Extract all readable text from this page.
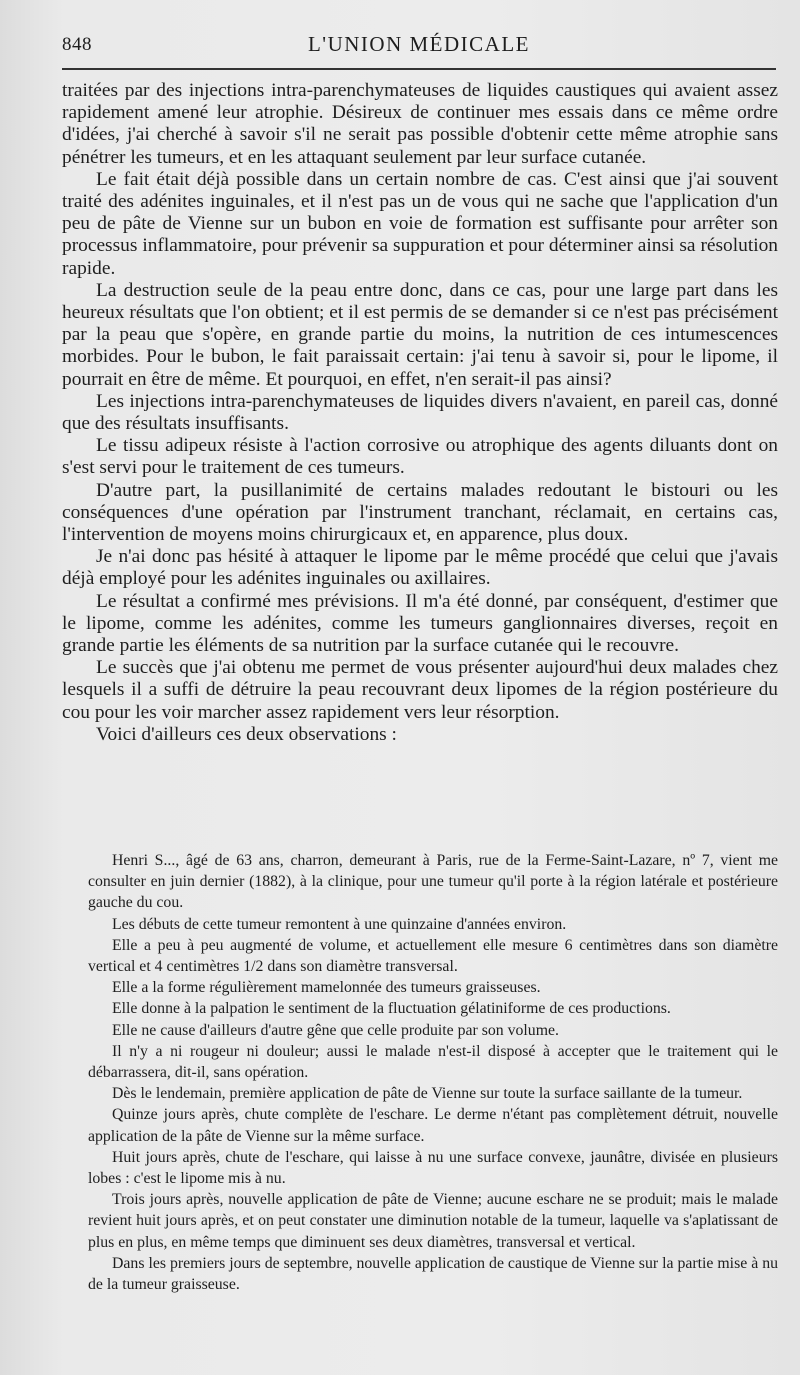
848	L'UNION MÉDICALE

traitées par des injections intra-parenchymateuses de liquides caustiques qui avaient assez rapidement amené leur atrophie. Désireux de continuer mes essais dans ce même ordre d'idées, j'ai cherché à savoir s'il ne serait pas possible d'obtenir cette même atrophie sans pénétrer les tumeurs, et en les attaquant seulement par leur surface cutanée.

Le fait était déjà possible dans un certain nombre de cas. C'est ainsi que j'ai souvent traité des adénites inguinales, et il n'est pas un de vous qui ne sache que l'application d'un peu de pâte de Vienne sur un bubon en voie de formation est suffisante pour arrêter son processus inflammatoire, pour prévenir sa suppuration et pour déterminer ainsi sa résolution rapide.

La destruction seule de la peau entre donc, dans ce cas, pour une large part dans les heureux résultats que l'on obtient; et il est permis de se demander si ce n'est pas précisément par la peau que s'opère, en grande partie du moins, la nutrition de ces intumescences morbides. Pour le bubon, le fait paraissait certain: j'ai tenu à savoir si, pour le lipome, il pourrait en être de même. Et pourquoi, en effet, n'en serait-il pas ainsi?

Les injections intra-parenchymateuses de liquides divers n'avaient, en pareil cas, donné que des résultats insuffisants.

Le tissu adipeux résiste à l'action corrosive ou atrophique des agents diluants dont on s'est servi pour le traitement de ces tumeurs.

D'autre part, la pusillanimité de certains malades redoutant le bistouri ou les conséquences d'une opération par l'instrument tranchant, réclamait, en certains cas, l'intervention de moyens moins chirurgicaux et, en apparence, plus doux.

Je n'ai donc pas hésité à attaquer le lipome par le même procédé que celui que j'avais déjà employé pour les adénites inguinales ou axillaires.

Le résultat a confirmé mes prévisions. Il m'a été donné, par conséquent, d'estimer que le lipome, comme les adénites, comme les tumeurs ganglionnaires diverses, reçoit en grande partie les éléments de sa nutrition par la surface cutanée qui le recouvre.

Le succès que j'ai obtenu me permet de vous présenter aujourd'hui deux malades chez lesquels il a suffi de détruire la peau recouvrant deux lipomes de la région postérieure du cou pour les voir marcher assez rapidement vers leur résorption.

Voici d'ailleurs ces deux observations :

Henri S..., âgé de 63 ans, charron, demeurant à Paris, rue de la Ferme-Saint-Lazare, nº 7, vient me consulter en juin dernier (1882), à la clinique, pour une tumeur qu'il porte à la région latérale et postérieure gauche du cou.

Les débuts de cette tumeur remontent à une quinzaine d'années environ.

Elle a peu à peu augmenté de volume, et actuellement elle mesure 6 centimètres dans son diamètre vertical et 4 centimètres 1/2 dans son diamètre transversal.

Elle a la forme régulièrement mamelonnée des tumeurs graisseuses.

Elle donne à la palpation le sentiment de la fluctuation gélatiniforme de ces productions.

Elle ne cause d'ailleurs d'autre gêne que celle produite par son volume.

Il n'y a ni rougeur ni douleur; aussi le malade n'est-il disposé à accepter que le traitement qui le débarrassera, dit-il, sans opération.

Dès le lendemain, première application de pâte de Vienne sur toute la surface saillante de la tumeur.

Quinze jours après, chute complète de l'eschare. Le derme n'étant pas complètement détruit, nouvelle application de la pâte de Vienne sur la même surface.

Huit jours après, chute de l'eschare, qui laisse à nu une surface convexe, jaunâtre, divisée en plusieurs lobes : c'est le lipome mis à nu.

Trois jours après, nouvelle application de pâte de Vienne; aucune eschare ne se produit; mais le malade revient huit jours après, et on peut constater une diminution notable de la tumeur, laquelle va s'aplatissant de plus en plus, en même temps que diminuent ses deux diamètres, transversal et vertical.

Dans les premiers jours de septembre, nouvelle application de caustique de Vienne sur la partie mise à nu de la tumeur graisseuse.
